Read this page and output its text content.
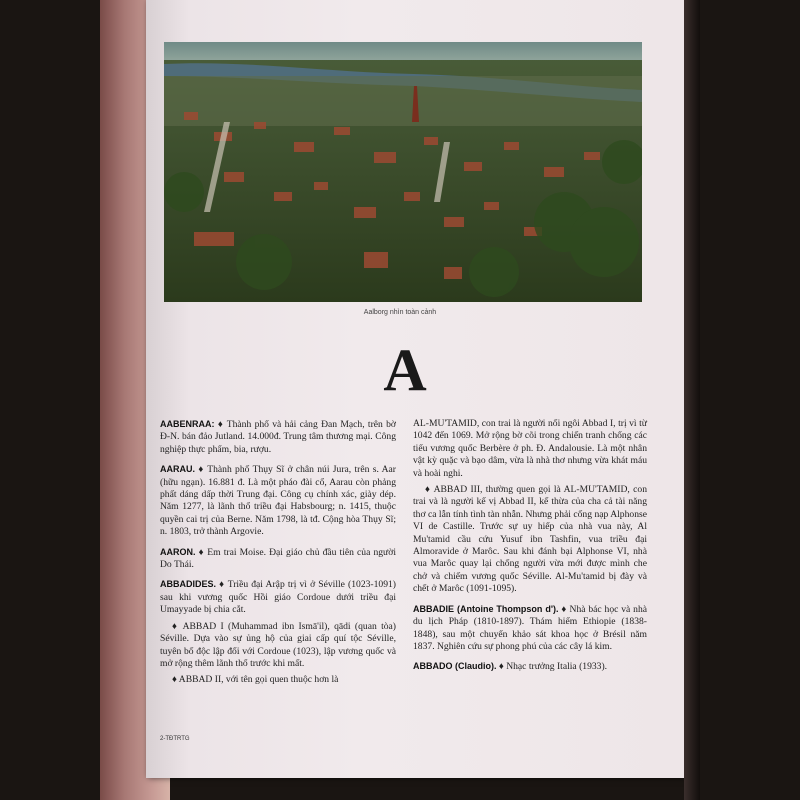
Aalborg nhìn toàn cảnh
A
AABENRAA: ♦ Thành phố và hải cảng Đan Mạch, trên bờ Đ-N. bán đảo Jutland. 14.000đ. Trung tâm thương mại. Công nghiệp thực phẩm, bia, rượu.
AARAU. ♦ Thành phố Thụy Sĩ ở chân núi Jura, trên s. Aar (hữu ngạn). 16.881 đ. Là một pháo đài cổ, Aarau còn phảng phất dáng dấp thời Trung đại. Công cụ chính xác, giày dép. Năm 1277, là lãnh thổ triều đại Habsbourg; n. 1415, thuộc quyền cai trị của Berne. Năm 1798, là tđ. Cộng hòa Thụy Sĩ; n. 1803, trở thành Argovie.
AARON. ♦ Em trai Moise. Đại giáo chủ đầu tiên của người Do Thái.
ABBADIDES. ♦ Triều đại Arập trị vì ở Séville (1023-1091) sau khi vương quốc Hồi giáo Cordoue dưới triều đại Umayyade bị chia cắt.
♦ ABBAD I (Muhammad ibn Ismā'il), qādi (quan tòa) Séville. Dựa vào sự ủng hộ của giai cấp quí tộc Séville, tuyên bố độc lập đối với Cordoue (1023), lập vương quốc và mở rộng thêm lãnh thổ trước khi mất.
♦ ABBAD II, với tên gọi quen thuộc hơn là
AL-MU'TAMID, con trai là người nối ngôi Abbad I, trị vì từ 1042 đến 1069. Mở rộng bờ cõi trong chiến tranh chống các tiểu vương quốc Berbère ở ph. Đ. Andalousie. Là một nhân vật kỳ quặc và bạo dâm, vừa là nhà thơ nhưng vừa khát máu và hoài nghi.
♦ ABBAD III, thường quen gọi là AL-MU'TAMID, con trai và là người kế vị Abbad II, kế thừa của cha cả tài năng thơ ca lẫn tính tình tàn nhẫn. Nhưng phải cống nạp Alphonse VI de Castille. Trước sự uy hiếp của nhà vua này, Al Mu'tamid cầu cứu Yusuf ibn Tashfin, vua triều đại Almoravide ở Marôc. Sau khi đánh bại Alphonse VI, nhà vua Marôc quay lại chống người vừa mới được mình che chở và chiếm vương quốc Séville. Al-Mu'tamid bị đày và chết ở Marôc (1091-1095).
ABBADIE (Antoine Thompson d'). ♦ Nhà bác học và nhà du lịch Pháp (1810-1897). Thám hiểm Ethiopie (1838-1848), sau một chuyến khảo sát khoa học ở Brésil năm 1837. Nghiên cứu sự phong phú của các cây lá kim.
ABBADO (Claudio). ♦ Nhạc trưởng Italia (1933).
2-TĐTRTG
